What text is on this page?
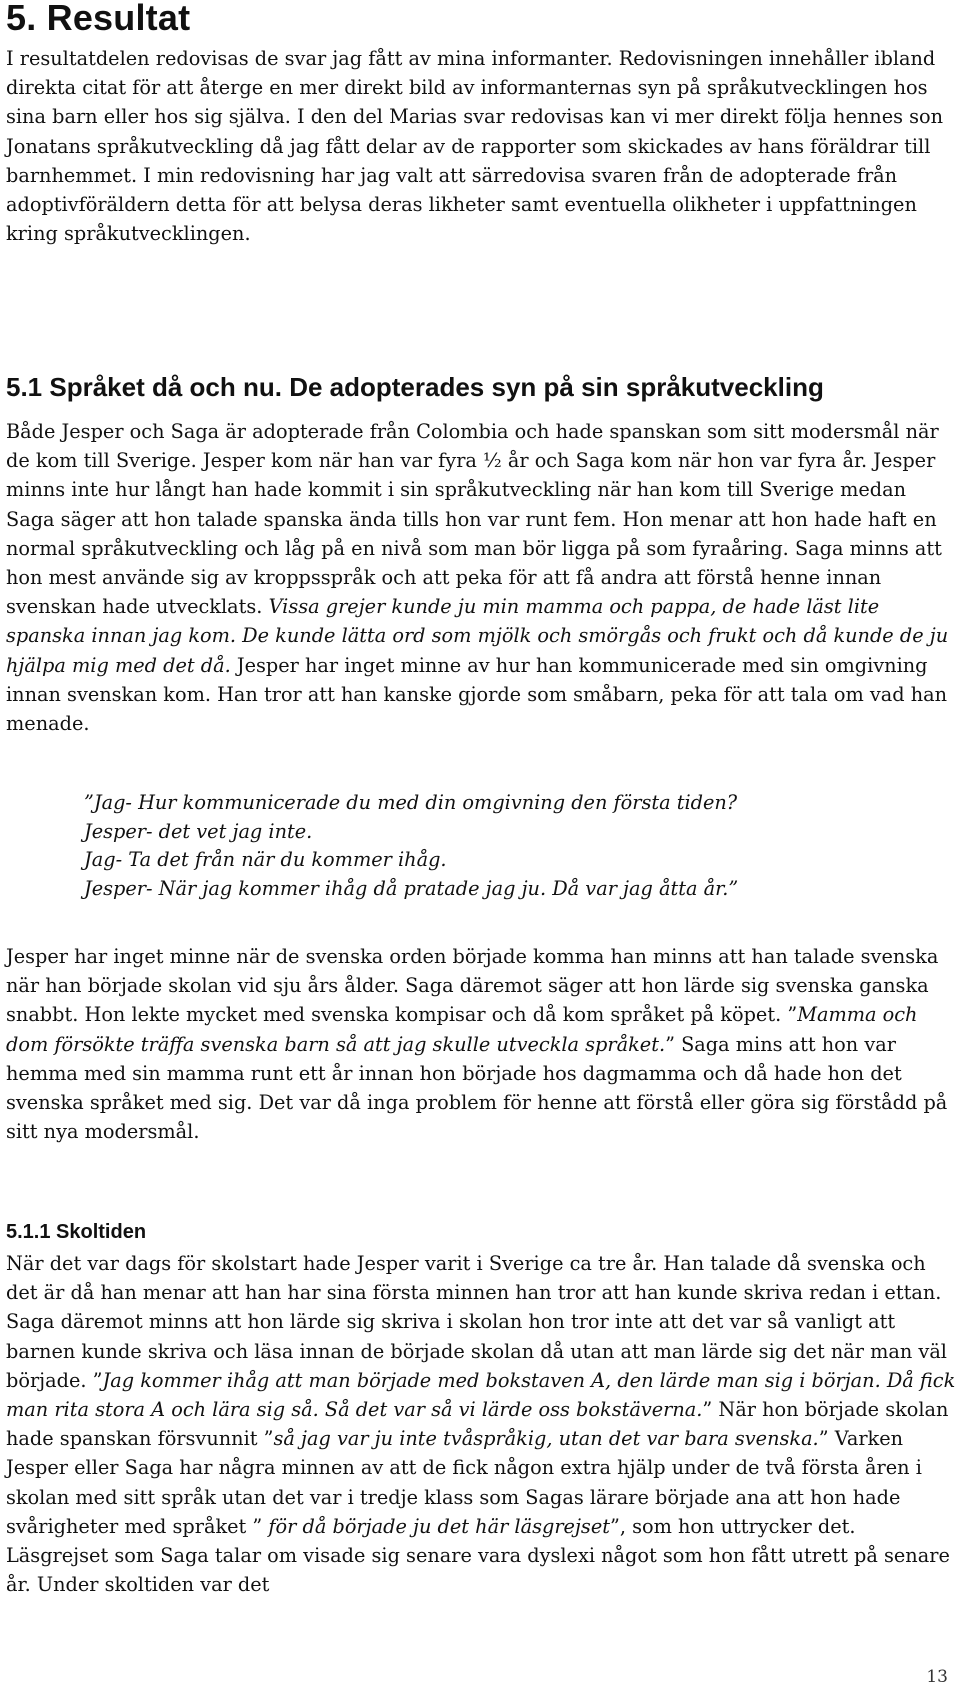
5. Resultat

I resultatdelen redovisas de svar jag fått av mina informanter. Redovisningen innehåller ibland direkta citat för att återge en mer direkt bild av informanternas syn på språkutvecklingen hos sina barn eller hos sig själva. I den del Marias svar redovisas kan vi mer direkt följa hennes son Jonatans språkutveckling då jag fått delar av de rapporter som skickades av hans föräldrar till barnhemmet. I min redovisning har jag valt att särredovisa svaren från de adopterade från adoptivföräldern detta för att belysa deras likheter samt eventuella olikheter i uppfattningen kring språkutvecklingen.

5.1 Språket då och nu. De adopterades syn på sin språkutveckling

Både Jesper och Saga är adopterade från Colombia och hade spanskan som sitt modersmål när de kom till Sverige. Jesper kom när han var fyra ½ år och Saga kom när hon var fyra år. Jesper minns inte hur långt han hade kommit i sin språkutveckling när han kom till Sverige medan Saga säger att hon talade spanska ända tills hon var runt fem. Hon menar att hon hade haft en normal språkutveckling och låg på en nivå som man bör ligga på som fyraåring. Saga minns att hon mest använde sig av kroppsspråk och att peka för att få andra att förstå henne innan svenskan hade utvecklats. Vissa grejer kunde ju min mamma och pappa, de hade läst lite spanska innan jag kom. De kunde lätta ord som mjölk och smörgås och frukt och då kunde de ju hjälpa mig med det då. Jesper har inget minne av hur han kommunicerade med sin omgivning innan svenskan kom. Han tror att han kanske gjorde som småbarn, peka för att tala om vad han menade.

”Jag- Hur kommunicerade du med din omgivning den första tiden?
Jesper- det vet jag inte.
Jag- Ta det från när du kommer ihåg.
Jesper- När jag kommer ihåg då pratade jag ju. Då var jag åtta år.”

Jesper har inget minne när de svenska orden började komma han minns att han talade svenska när han började skolan vid sju års ålder. Saga däremot säger att hon lärde sig svenska ganska snabbt. Hon lekte mycket med svenska kompisar och då kom språket på köpet. ”Mamma och dom försökte träffa svenska barn så att jag skulle utveckla språket.” Saga mins att hon var hemma med sin mamma runt ett år innan hon började hos dagmamma och då hade hon det svenska språket med sig. Det var då inga problem för henne att förstå eller göra sig förstådd på sitt nya modersmål.

5.1.1 Skoltiden

När det var dags för skolstart hade Jesper varit i Sverige ca tre år. Han talade då svenska och det är då han menar att han har sina första minnen han tror att han kunde skriva redan i ettan. Saga däremot minns att hon lärde sig skriva i skolan hon tror inte att det var så vanligt att barnen kunde skriva och läsa innan de började skolan då utan att man lärde sig det när man väl började. ”Jag kommer ihåg att man började med bokstaven A, den lärde man sig i början. Då fick man rita stora A och lära sig så. Så det var så vi lärde oss bokstäverna.” När hon började skolan hade spanskan försvunnit ”så jag var ju inte tvåspråkig, utan det var bara svenska.” Varken Jesper eller Saga har några minnen av att de fick någon extra hjälp under de två första åren i skolan med sitt språk utan det var i tredje klass som Sagas lärare började ana att hon hade svårigheter med språket ” för då började ju det här läsgrejset”, som hon uttrycker det. Läsgrejset som Saga talar om visade sig senare vara dyslexi något som hon fått utrett på senare år. Under skoltiden var det

13
